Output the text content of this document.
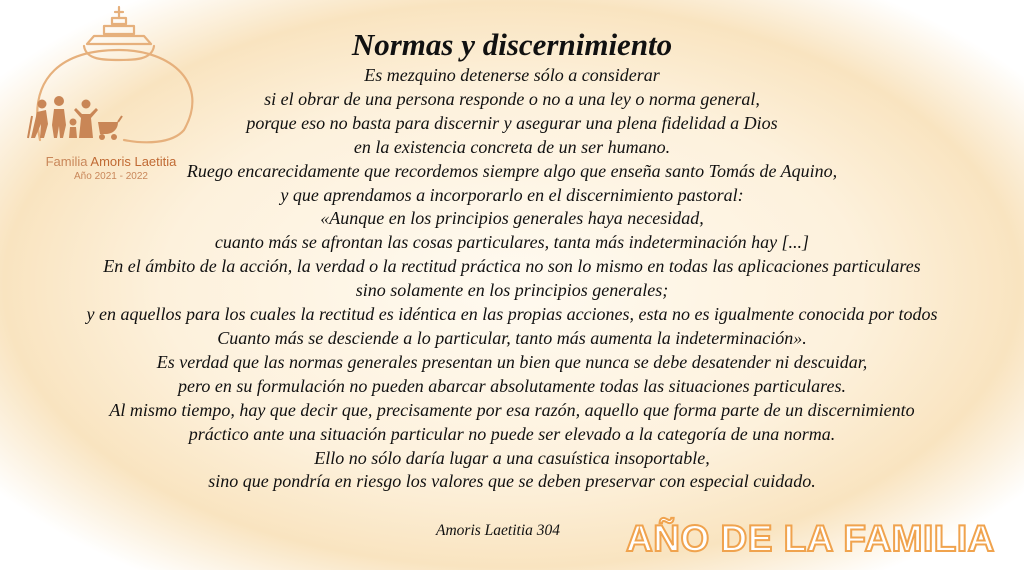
Familia Amoris Laetitia
Año 2021 - 2022
Normas y discernimiento
Es mezquino detenerse sólo a considerar
si el obrar de una persona responde o no a una ley o norma general,
porque eso no basta para discernir y asegurar una plena fidelidad a Dios
en la existencia concreta de un ser humano.
Ruego encarecidamente que recordemos siempre algo que enseña santo Tomás de Aquino,
y que aprendamos a incorporarlo en el discernimiento pastoral:
«Aunque en los principios generales haya necesidad,
cuanto más se afrontan las cosas particulares, tanta más indeterminación hay [...]
En el ámbito de la acción, la verdad o la rectitud práctica no son lo mismo en todas las aplicaciones particulares
sino solamente en los principios generales;
y en aquellos para los cuales la rectitud es idéntica en las propias acciones, esta no es igualmente conocida por todos
Cuanto más se desciende a lo particular, tanto más aumenta la indeterminación».
Es verdad que las normas generales presentan un bien que nunca se debe desatender ni descuidar,
pero en su formulación no pueden abarcar absolutamente todas las situaciones particulares.
Al mismo tiempo, hay que decir que, precisamente por esa razón, aquello que forma parte de un discernimiento
práctico ante una situación particular no puede ser elevado a la categoría de una norma.
Ello no sólo daría lugar a una casuística insoportable,
sino que pondría en riesgo los valores que se deben preservar con especial cuidado.
Amoris Laetitia 304 AÑO DE LA FAMILIA
